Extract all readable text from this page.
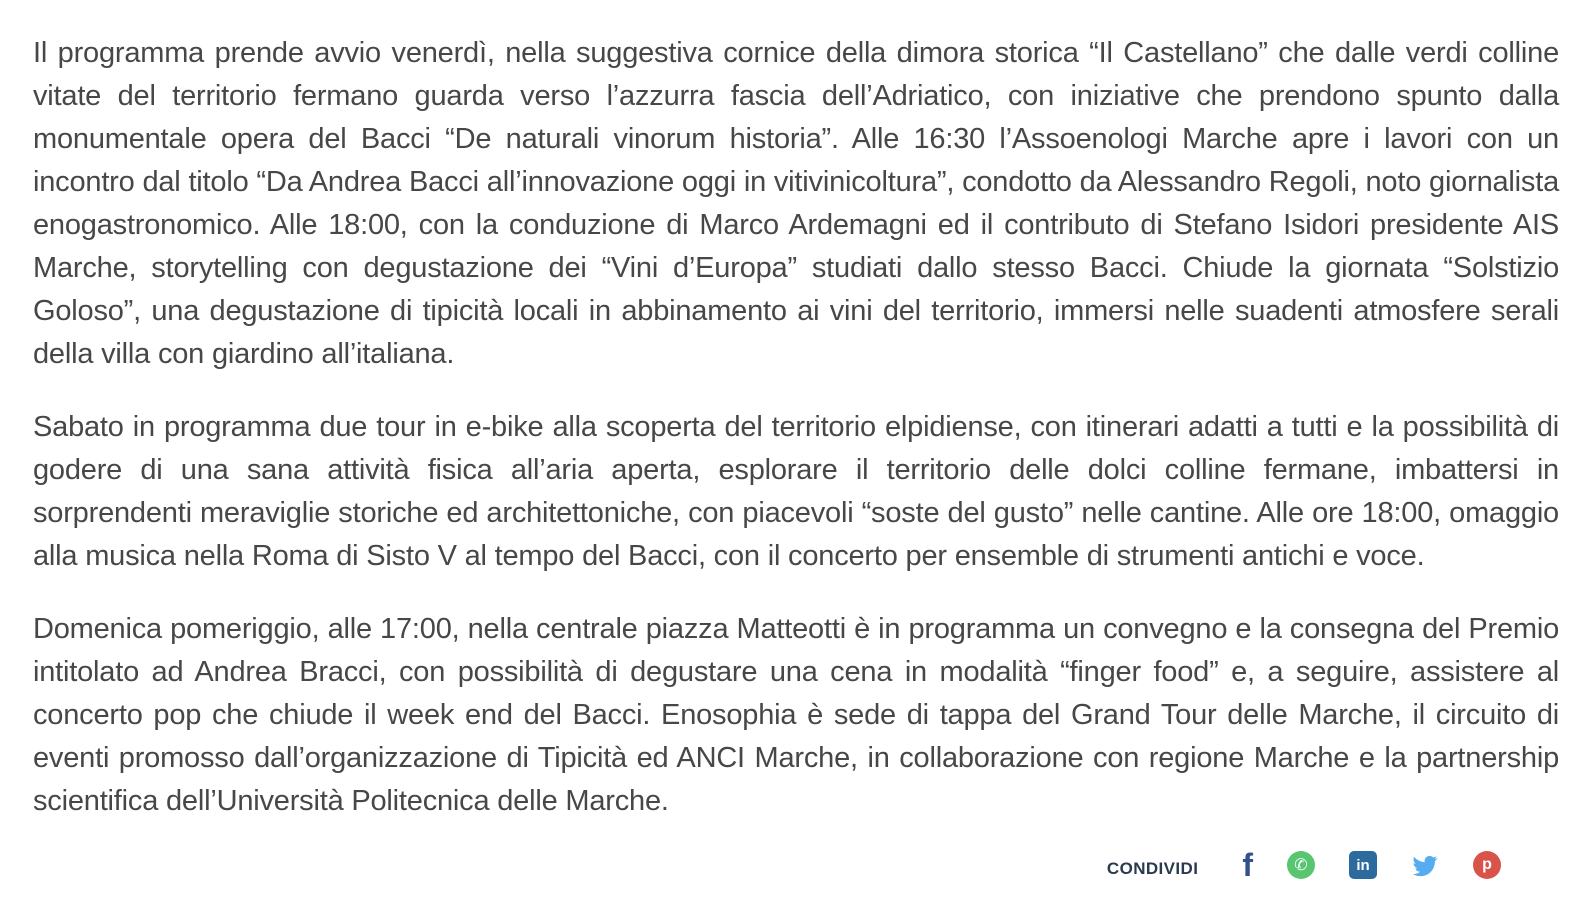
Il programma prende avvio venerdì, nella suggestiva cornice della dimora storica “Il Castellano” che dalle verdi colline vitate del territorio fermano guarda verso l’azzurra fascia dell’Adriatico, con iniziative che prendono spunto dalla monumentale opera del Bacci “De naturali vinorum historia”. Alle 16:30 l’Assoenologi Marche apre i lavori con un incontro dal titolo “Da Andrea Bacci all’innovazione oggi in vitivinicoltura”, condotto da Alessandro Regoli, noto giornalista enogastronomico. Alle 18:00, con la conduzione di Marco Ardemagni ed il contributo di Stefano Isidori presidente AIS Marche, storytelling con degustazione dei “Vini d’Europa” studiati dallo stesso Bacci. Chiude la giornata “Solstizio Goloso”, una degustazione di tipicità locali in abbinamento ai vini del territorio, immersi nelle suadenti atmosfere serali della villa con giardino all’italiana.

Sabato in programma due tour in e-bike alla scoperta del territorio elpidiense, con itinerari adatti a tutti e la possibilità di godere di una sana attività fisica all’aria aperta, esplorare il territorio delle dolci colline fermane, imbattersi in sorprendenti meraviglie storiche ed architettoniche, con piacevoli “soste del gusto” nelle cantine. Alle ore 18:00, omaggio alla musica nella Roma di Sisto V al tempo del Bacci, con il concerto per ensemble di strumenti antichi e voce.

Domenica pomeriggio, alle 17:00, nella centrale piazza Matteotti è in programma un convegno e la consegna del Premio intitolato ad Andrea Bracci, con possibilità di degustare una cena in modalità “finger food” e, a seguire, assistere al concerto pop che chiude il week end del Bacci. Enosophia è sede di tappa del Grand Tour delle Marche, il circuito di eventi promosso dall’organizzazione di Tipicità ed ANCI Marche, in collaborazione con regione Marche e la partnership scientifica dell’Università Politecnica delle Marche.

CONDIVIDI f	✆	in	p
